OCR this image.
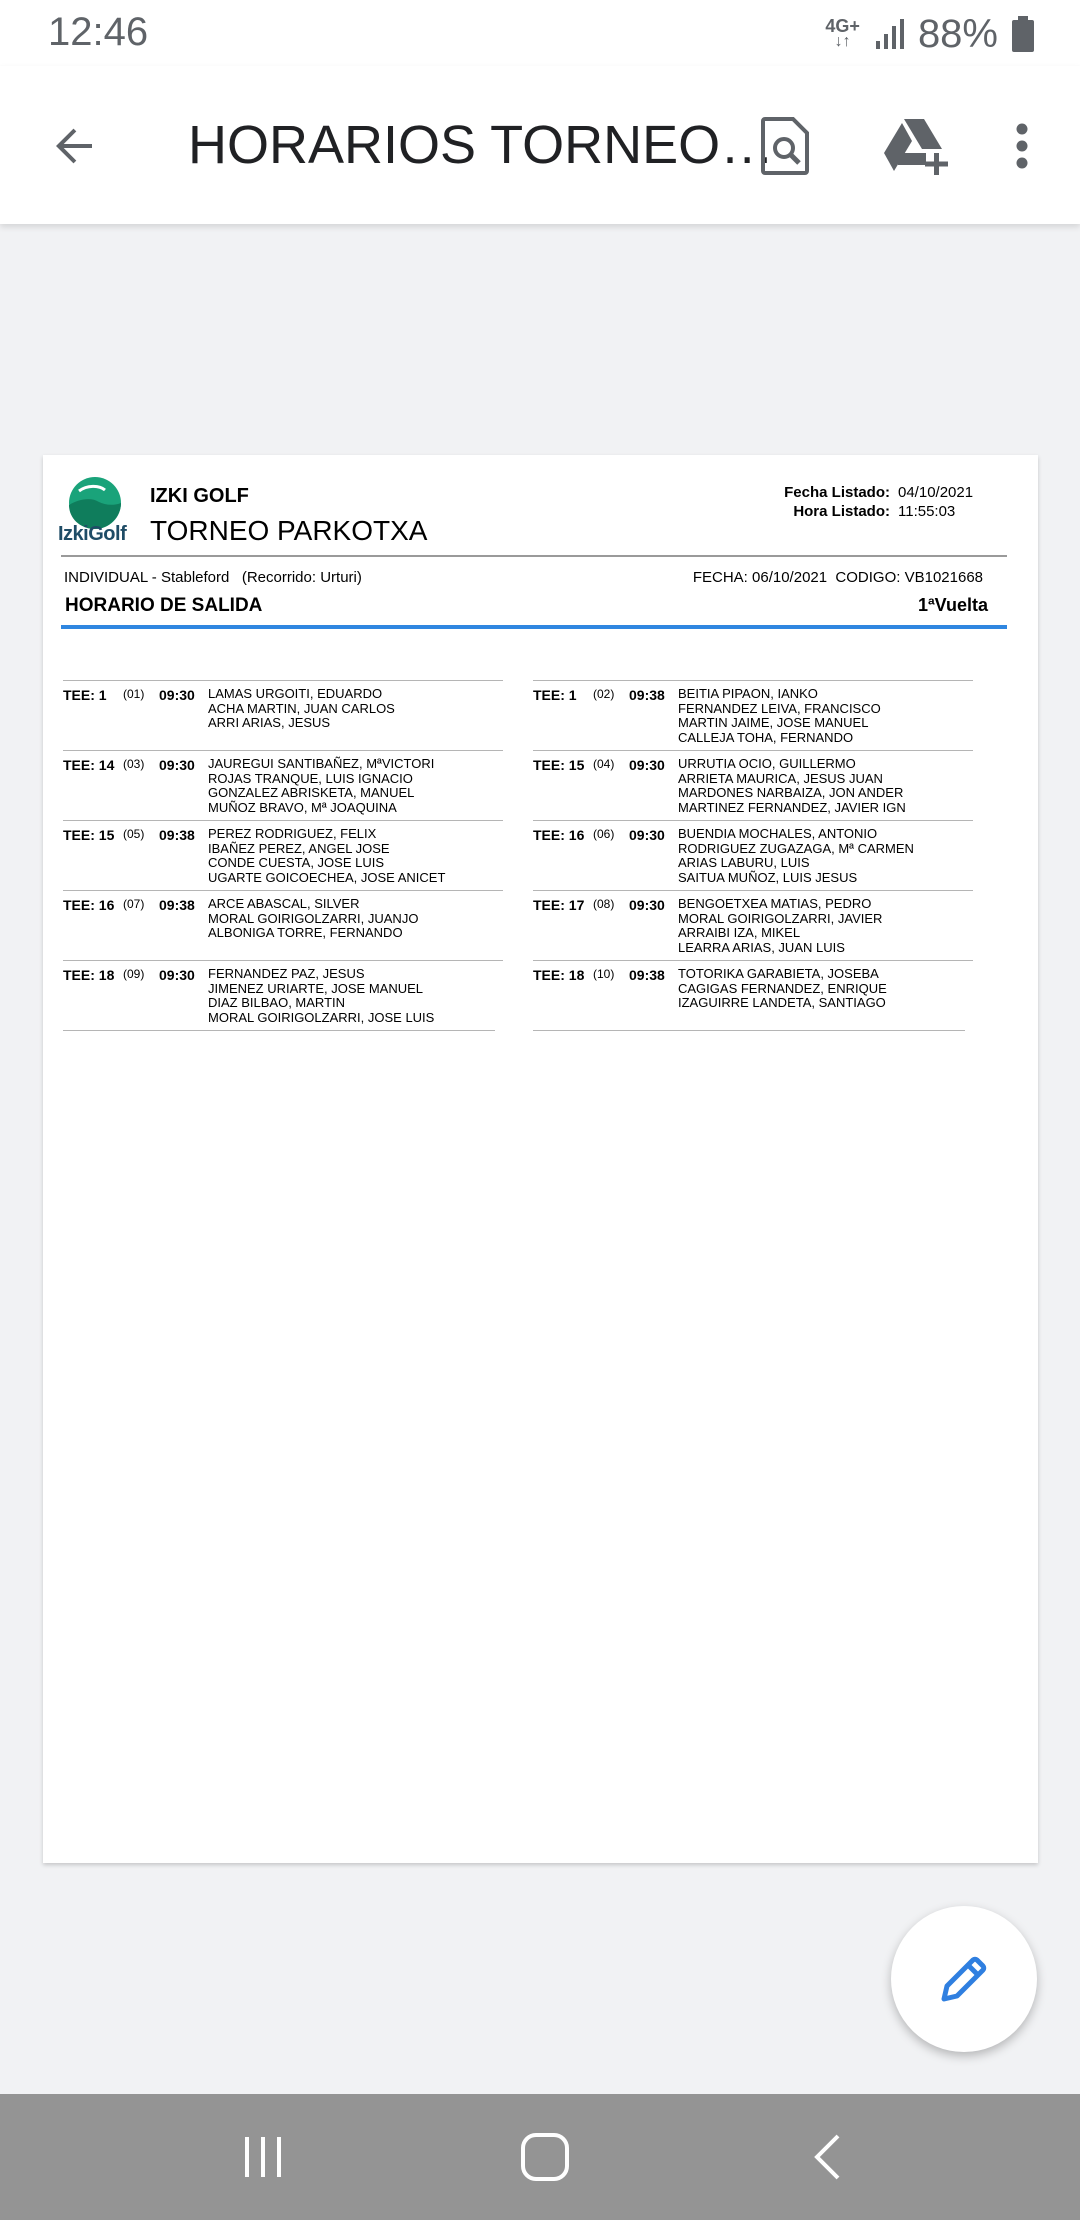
12:46	4G+
↓↑ 88%
HORARIOS TORNEO…
IzkiGolf
IZKI GOLF
TORNEO PARKOTXA
Fecha Listado: 04/10/2021
Hora Listado: 11:55:03
INDIVIDUAL - Stableford   (Recorrido: Urturi)	FECHA: 06/10/2021  CODIGO: VB1021668
HORARIO DE SALIDA	1ªVuelta
TEE: 1 (01) 09:30 LAMAS URGOITI, EDUARDO
ACHA MARTIN, JUAN CARLOS
ARRI ARIAS, JESUS
TEE: 1 (02) 09:38 BEITIA PIPAON, IANKO
FERNANDEZ LEIVA, FRANCISCO
MARTIN JAIME, JOSE MANUEL
CALLEJA TOHA, FERNANDO
TEE: 14 (03) 09:30 JAUREGUI SANTIBAÑEZ, MªVICTORI
ROJAS TRANQUE, LUIS IGNACIO
GONZALEZ ABRISKETA, MANUEL
MUÑOZ BRAVO, Mª JOAQUINA
TEE: 15 (04) 09:30 URRUTIA OCIO, GUILLERMO
ARRIETA MAURICA, JESUS JUAN
MARDONES NARBAIZA, JON ANDER
MARTINEZ FERNANDEZ, JAVIER IGN
TEE: 15 (05) 09:38 PEREZ RODRIGUEZ, FELIX
IBAÑEZ PEREZ, ANGEL JOSE
CONDE CUESTA, JOSE LUIS
UGARTE GOICOECHEA, JOSE ANICET
TEE: 16 (06) 09:30 BUENDIA MOCHALES, ANTONIO
RODRIGUEZ ZUGAZAGA, Mª CARMEN
ARIAS LABURU, LUIS
SAITUA MUÑOZ, LUIS JESUS
TEE: 16 (07) 09:38 ARCE ABASCAL, SILVER
MORAL GOIRIGOLZARRI, JUANJO
ALBONIGA TORRE, FERNANDO
TEE: 17 (08) 09:30 BENGOETXEA MATIAS, PEDRO
MORAL GOIRIGOLZARRI, JAVIER
ARRAIBI IZA, MIKEL
LEARRA ARIAS, JUAN LUIS
TEE: 18 (09) 09:30 FERNANDEZ PAZ, JESUS
JIMENEZ URIARTE, JOSE MANUEL
DIAZ BILBAO, MARTIN
MORAL GOIRIGOLZARRI, JOSE LUIS
TEE: 18 (10) 09:38 TOTORIKA GARABIETA, JOSEBA
CAGIGAS FERNANDEZ, ENRIQUE
IZAGUIRRE LANDETA, SANTIAGO
